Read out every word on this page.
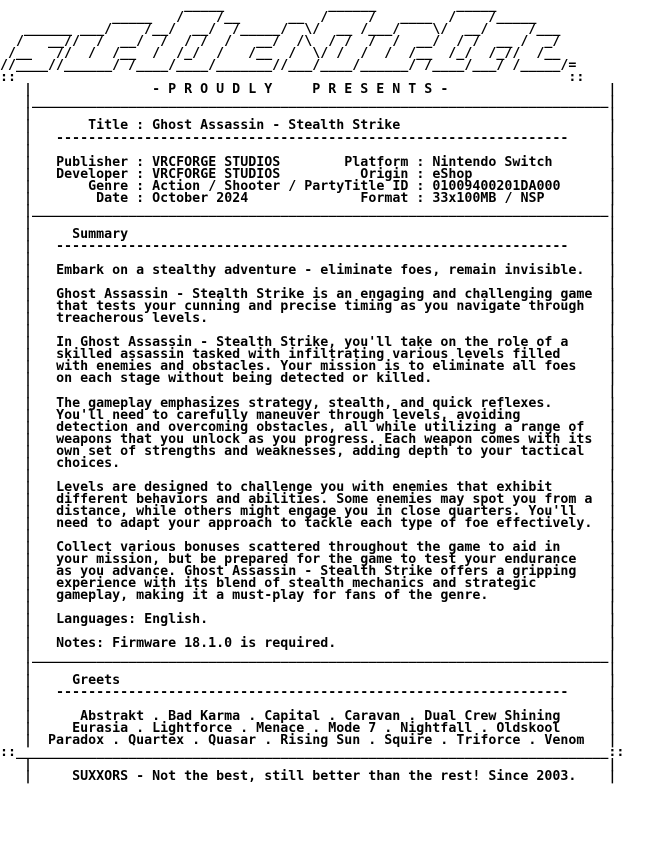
_____             ______          _____
_____   /    /__      __  /     /   ____  /    /_____
______ ___/    /__/  __/  /_____/  \/  __ /___/    \/  __/     /___
/   __//  /  __/  /  / /  /   __/  /\  / /  /  /  __/  / /  __ /  _/
/__   //  /  /__  /  /_/  /   /__  /  \/ /  /  /  /__  /_/  /_//  /__
//____//______/ /____/____/_______//___/____/______/ /____/___/ /_____/=
::                                                                     ::
|	- P R O U D L Y     P R E S E N T S -	|
|________________________________________________________________________|
|	|
|	Title : Ghost Assassin - Stealth Strike	|
|   ----------------------------------------------------------------	|
|	|
| Publisher : VRCFORGE STUDIOS	Platform : Nintendo Switch	|
| Developer : VRCFORGE STUDIOS	Origin : eShop	|
|       Genre : Action / Shooter / PartyTitle ID : 01009400201DA000	|
|        Date : October 2024	Format : 33x100MB / NSP	|
|________________________________________________________________________|
|	|
|	Summary	|
|   ----------------------------------------------------------------	|
|	|
| Embark on a stealthy adventure - eliminate foes, remain invisible.   |
|	|
| Ghost Assassin - Stealth Strike is an engaging and challenging game  |
| that tests your cunning and precise timing as you navigate through   |
| treacherous levels.	|
|	|
| In Ghost Assassin - Stealth Strike, you'll take on the role of a	|
| skilled assassin tasked with infiltrating various levels filled	|
| with enemies and obstacles. Your mission is to eliminate all foes    |
| on each stage without being detected or killed.	|
|	|
| The gameplay emphasizes strategy, stealth, and quick reflexes.	|
| You'll need to carefully maneuver through levels, avoiding	|
| detection and overcoming obstacles, all while utilizing a range of   |
| weapons that you unlock as you progress. Each weapon comes with its  |
| own set of strengths and weaknesses, adding depth to your tactical   |
| choices.	|
|	|
| Levels are designed to challenge you with enemies that exhibit	|
| different behaviors and abilities. Some enemies may spot you from a  |
| distance, while others might engage you in close quarters. You'll    |
| need to adapt your approach to tackle each type of foe effectively.  |
|	|
| Collect various bonuses scattered throughout the game to aid in	|
| your mission, but be prepared for the game to test your endurance    |
| as you advance. Ghost Assassin - Stealth Strike offers a gripping    |
| experience with its blend of stealth mechanics and strategic	|
| gameplay, making it a must-play for fans of the genre.	|
|	|
| Languages: English.	|
|	|
| Notes: Firmware 18.1.0 is required.	|
|________________________________________________________________________|
|	|
|	Greets	|
|   ----------------------------------------------------------------	|
|	|
|	Abstrakt . Bad Karma . Capital . Caravan . Dual Crew Shining	|
|	Eurasia . Lightforce . Menace . Mode 7 . Nightfall . Oldskool	|
| Paradox . Quartex . Quasar . Rising Sun . Squire . Triforce . Venom   |
::__________________________________________________________________________::
|	|
|	SUXXORS - Not the best, still better than the rest! Since 2003.    |
